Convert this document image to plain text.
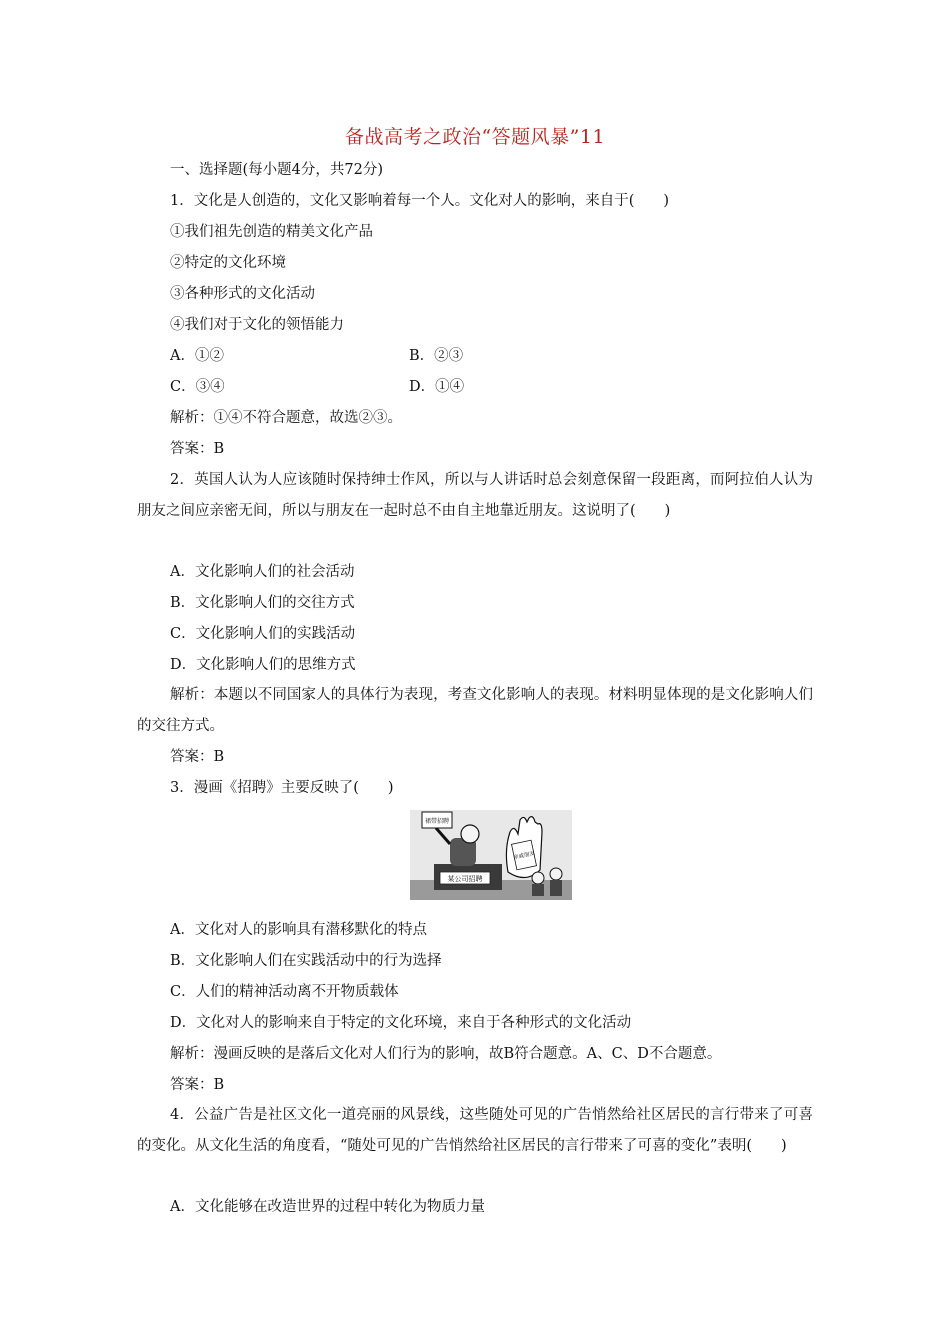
备战高考之政治“答题风暴”11
一、选择题(每小题4分，共72分)
1．文化是人创造的，文化又影响着每一个人。文化对人的影响，来自于(　　)
①我们祖先创造的精美文化产品
②特定的文化环境
③各种形式的文化活动
④我们对于文化的领悟能力
A．①②	B．②③
C．③④	D．①④
解析：①④不符合题意，故选②③。
答案：B
2．英国人认为人应该随时保持绅士作风，所以与人讲话时总会刻意保留一段距离，而阿拉伯人认为朋友之间应亲密无间，所以与朋友在一起时总不由自主地靠近朋友。这说明了(　　)
A．文化影响人们的社会活动
B．文化影响人们的交往方式
C．文化影响人们的实践活动
D．文化影响人们的思维方式
解析：本题以不同国家人的具体行为表现，考查文化影响人的表现。材料明显体现的是文化影响人们的交往方式。
答案：B
3．漫画《招聘》主要反映了(　　)
某公司招聘
裙带招聘
亲戚朋友
A．文化对人的影响具有潜移默化的特点
B．文化影响人们在实践活动中的行为选择
C．人们的精神活动离不开物质载体
D．文化对人的影响来自于特定的文化环境，来自于各种形式的文化活动
解析：漫画反映的是落后文化对人们行为的影响，故B符合题意。A、C、D不合题意。
答案：B
4．公益广告是社区文化一道亮丽的风景线，这些随处可见的广告悄然给社区居民的言行带来了可喜的变化。从文化生活的角度看，“随处可见的广告悄然给社区居民的言行带来了可喜的变化”表明(　　)
A．文化能够在改造世界的过程中转化为物质力量
